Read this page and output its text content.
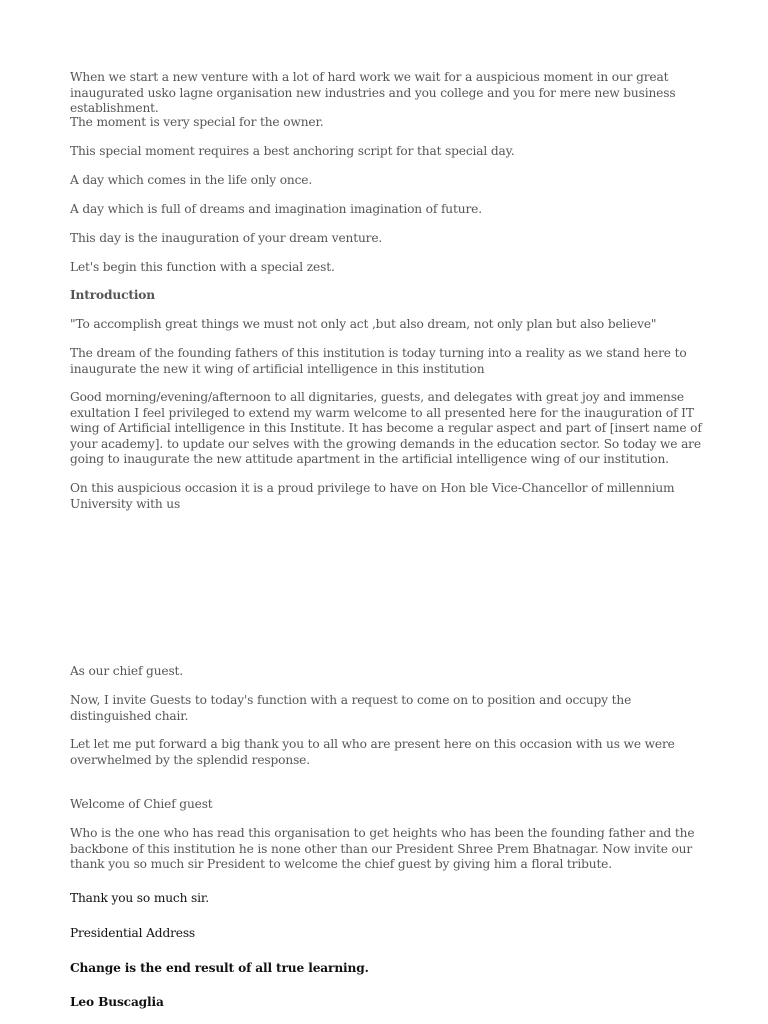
When we start a new venture with a lot of hard work we wait for a auspicious moment in our great inaugurated usko lagne organisation new industries and you college and you for mere new business establishment.

The moment is very special for the owner.

This special moment requires a best anchoring script for that special day.

A day which comes in the life only once.

A day which is full of dreams and imagination imagination of future.

This day is the inauguration of your dream venture.

Let's begin this function with a special zest.

Introduction

"To accomplish great things we must not only act ,but also dream, not only plan but also believe"

The dream of the founding fathers of this institution is today turning into a reality as we stand here to inaugurate the new it wing of artificial intelligence in this institution

Good morning/evening/afternoon to all dignitaries, guests, and delegates with great joy and immense exultation I feel privileged to extend my warm welcome to all presented here for the inauguration of IT wing of Artificial intelligence in this Institute. It has become a regular aspect and part of [insert name of your academy]. to update our selves with the growing demands in the education sector. So today we are going to inaugurate the new attitude apartment in the artificial intelligence wing of our institution.

On this auspicious occasion it is a proud privilege to have on Hon ble Vice-Chancellor of millennium University with us

As our chief guest.

Now, I invite Guests to today's function with a request to come on to position and occupy the distinguished chair.

Let let me put forward a big thank you to all who are present here on this occasion with us we were overwhelmed by the splendid response.

Welcome of Chief guest

Who is the one who has read this organisation to get heights who has been the founding father and the backbone of this institution he is none other than our President Shree Prem Bhatnagar. Now invite our thank you so much sir President to welcome the chief guest by giving him a floral tribute.

Thank you so much sir.

Presidential Address

Change is the end result of all true learning.

Leo Buscaglia
